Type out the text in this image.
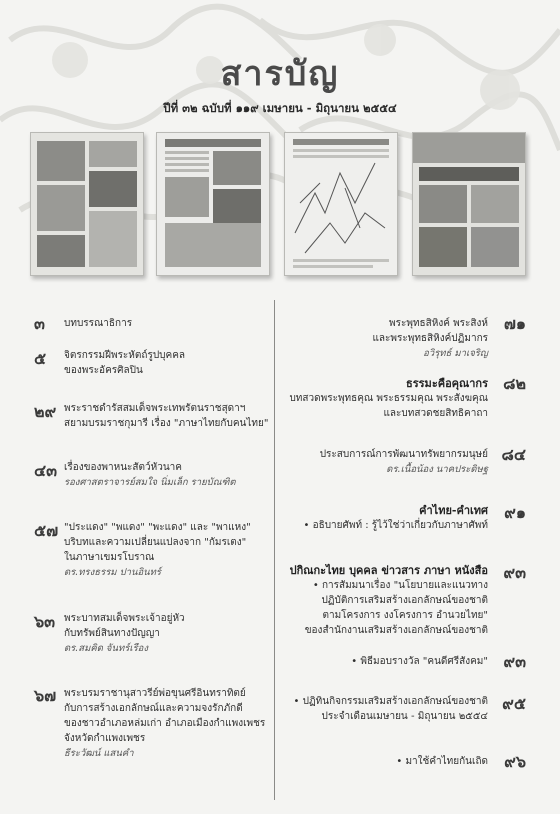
สารบัญ
ปีที่ ๓๒ ฉบับที่ ๑๑๙ เมษายน - มิถุนายน ๒๕๕๔
๓ บทบรรณาธิการ
๕ จิตรกรรมฝีพระหัตถ์รูปบุคคล
ของพระอัครศิลปิน
๒๙ พระราชดำรัสสมเด็จพระเทพรัตนราชสุดาฯ
สยามบรมราชกุมารี เรื่อง "ภาษาไทยกับคนไทย"
๔๓ เรื่องของพาหนะสัตว์หัวนาค
รองศาสตราจารย์สมใจ นิ่มเล็ก รายบัณฑิต
๕๗ "ประแดง" "พแดง" "พะแดง" และ "พาแหง"
บริบทและความเปลี่ยนแปลงจาก "กัมรเตง"
ในภาษาเขมรโบราณ
ดร.ทรงธรรม ปานอินทร์
๖๓ พระบาทสมเด็จพระเจ้าอยู่หัว
กับทรัพย์สินทางปัญญา
ดร.สมคิด จันทร์เรือง
๖๗ พระบรมราชานุสาวรีย์พ่อขุนศรีอินทราทิตย์
กับการสร้างเอกลักษณ์และความจงรักภักดี
ของชาวอำเภอหล่มเก่า อำเภอเมืองกำแพงเพชร
จังหวัดกำแพงเพชร
ธีระวัฒน์ แสนคำ
๗๑
พระพุทธสิหิงค์ พระสิงห์
และพระพุทธสิหิงค์ปฏิมากร
อวิรุทธ์ มาเจริญ
๘๒
ธรรมะคือคุณากร
บทสวดพระพุทธคุณ พระธรรมคุณ พระสังฆคุณ
และบทสวดชยสิทธิคาถา
๘๔
ประสบการณ์การพัฒนาทรัพยากรมนุษย์
ดร.เนื้อน้อง นาคประดิษฐ
๙๑
คำไทย-คำเทศ
• อธิบายศัพท์ : รู้ไว้ใช่ว่าเกี่ยวกับภาษาศัพท์
๙๓
ปกิณกะไทย บุคคล ข่าวสาร ภาษา หนังสือ
• การสัมมนาเรื่อง "นโยบายและแนวทาง
ปฏิบัติการเสริมสร้างเอกลักษณ์ของชาติ
ตามโครงการ งงโครงการ อำนวยไทย"
ของสำนักงานเสริมสร้างเอกลักษณ์ของชาติ
๙๓
• พิธีมอบรางวัล "คนดีศรีสังคม"
๙๕
• ปฏิทินกิจกรรมเสริมสร้างเอกลักษณ์ของชาติ
ประจำเดือนเมษายน - มิถุนายน ๒๕๕๔
๙๖
• มาใช้คำไทยกันเถิด
